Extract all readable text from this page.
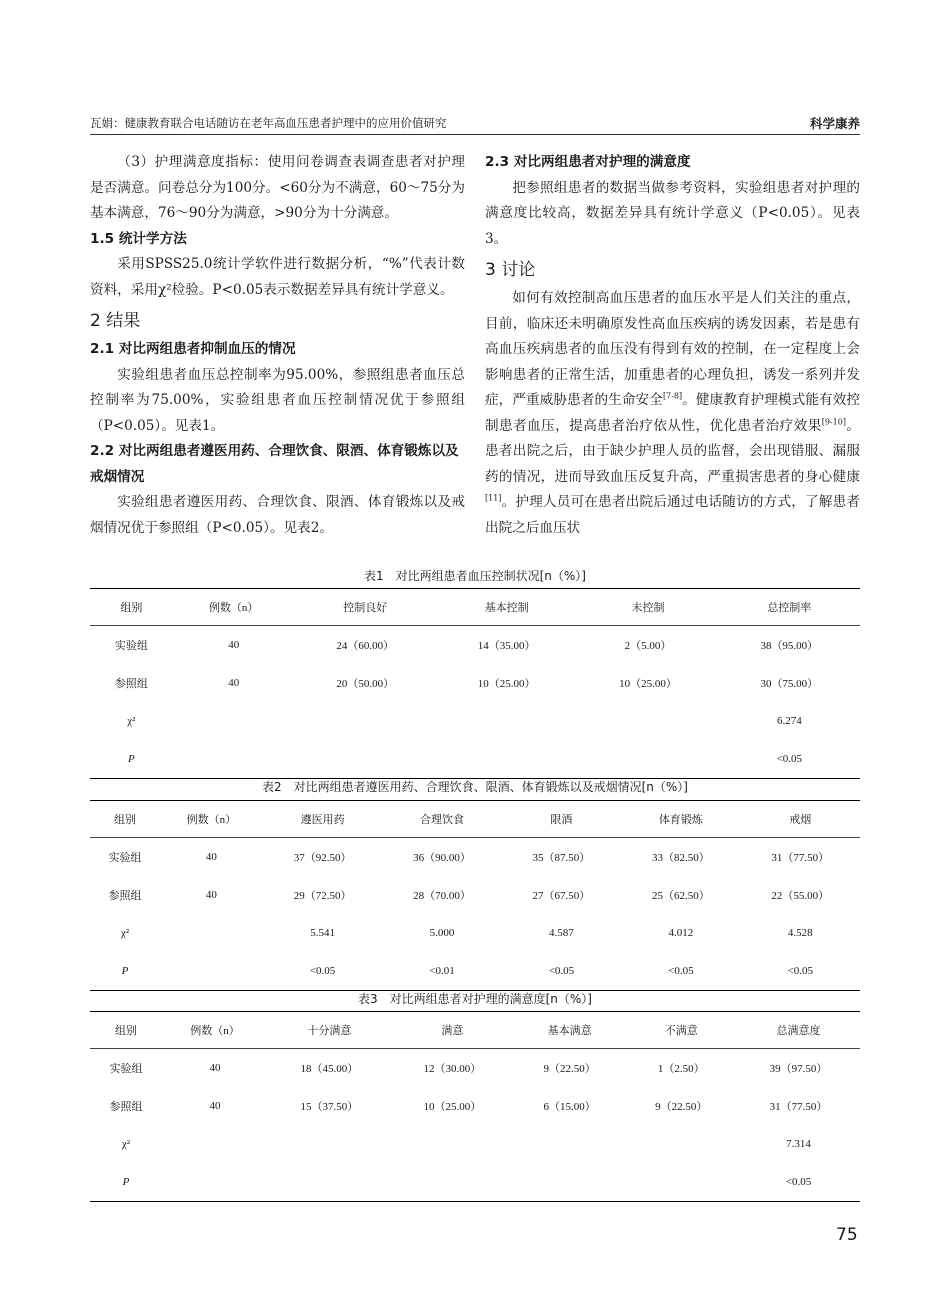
瓦娟：健康教育联合电话随访在老年高血压患者护理中的应用价值研究	科学康养

（3）护理满意度指标：使用问卷调查表调查患者对护理是否满意。问卷总分为100分。<60分为不满意，60～75分为基本满意，76～90分为满意，>90分为十分满意。

1.5 统计学方法

采用SPSS25.0统计学软件进行数据分析，“%”代表计数资料，采用χ²检验。P<0.05表示数据差异具有统计学意义。

2 结果
2.1 对比两组患者抑制血压的情况

实验组患者血压总控制率为95.00%，参照组患者血压总控制率为75.00%，实验组患者血压控制情况优于参照组（P<0.05）。见表1。

2.2 对比两组患者遵医用药、合理饮食、限酒、体育锻炼以及戒烟情况

实验组患者遵医用药、合理饮食、限酒、体育锻炼以及戒烟情况优于参照组（P<0.05）。见表2。

2.3 对比两组患者对护理的满意度

把参照组患者的数据当做参考资料，实验组患者对护理的满意度比较高，数据差异具有统计学意义（P<0.05）。见表3。

3 讨论

如何有效控制高血压患者的血压水平是人们关注的重点，目前，临床还未明确原发性高血压疾病的诱发因素，若是患有高血压疾病患者的血压没有得到有效的控制，在一定程度上会影响患者的正常生活，加重患者的心理负担，诱发一系列并发症，严重威胁患者的生命安全[7-8]。健康教育护理模式能有效控制患者血压，提高患者治疗依从性，优化患者治疗效果[9-10]。患者出院之后，由于缺少护理人员的监督，会出现错服、漏服药的情况，进而导致血压反复升高，严重损害患者的身心健康[11]。护理人员可在患者出院后通过电话随访的方式，了解患者出院之后血压状

表1　对比两组患者血压控制状况[n（%）]
组别	例数（n）	控制良好	基本控制	未控制	总控制率
实验组	40	24（60.00）	14（35.00）	2（5.00）	38（95.00）
参照组	40	20（50.00）	10（25.00）	10（25.00）	30（75.00）
χ²					6.274
P					<0.05
表2　对比两组患者遵医用药、合理饮食、限酒、体育锻炼以及戒烟情况[n（%）]
组别	例数（n）	遵医用药	合理饮食	限酒	体育锻炼	戒烟
实验组	40	37（92.50）	36（90.00）	35（87.50）	33（82.50）	31（77.50）
参照组	40	29（72.50）	28（70.00）	27（67.50）	25（62.50）	22（55.00）
χ²		5.541	5.000	4.587	4.012	4.528
P		<0.05	<0.01	<0.05	<0.05	<0.05
表3　对比两组患者对护理的满意度[n（%）]
组别	例数（n）	十分满意	满意	基本满意	不满意	总满意度
实验组	40	18（45.00）	12（30.00）	9（22.50）	1（2.50）	39（97.50）
参照组	40	15（37.50）	10（25.00）	6（15.00）	9（22.50）	31（77.50）
χ²						7.314
P						<0.05
75
